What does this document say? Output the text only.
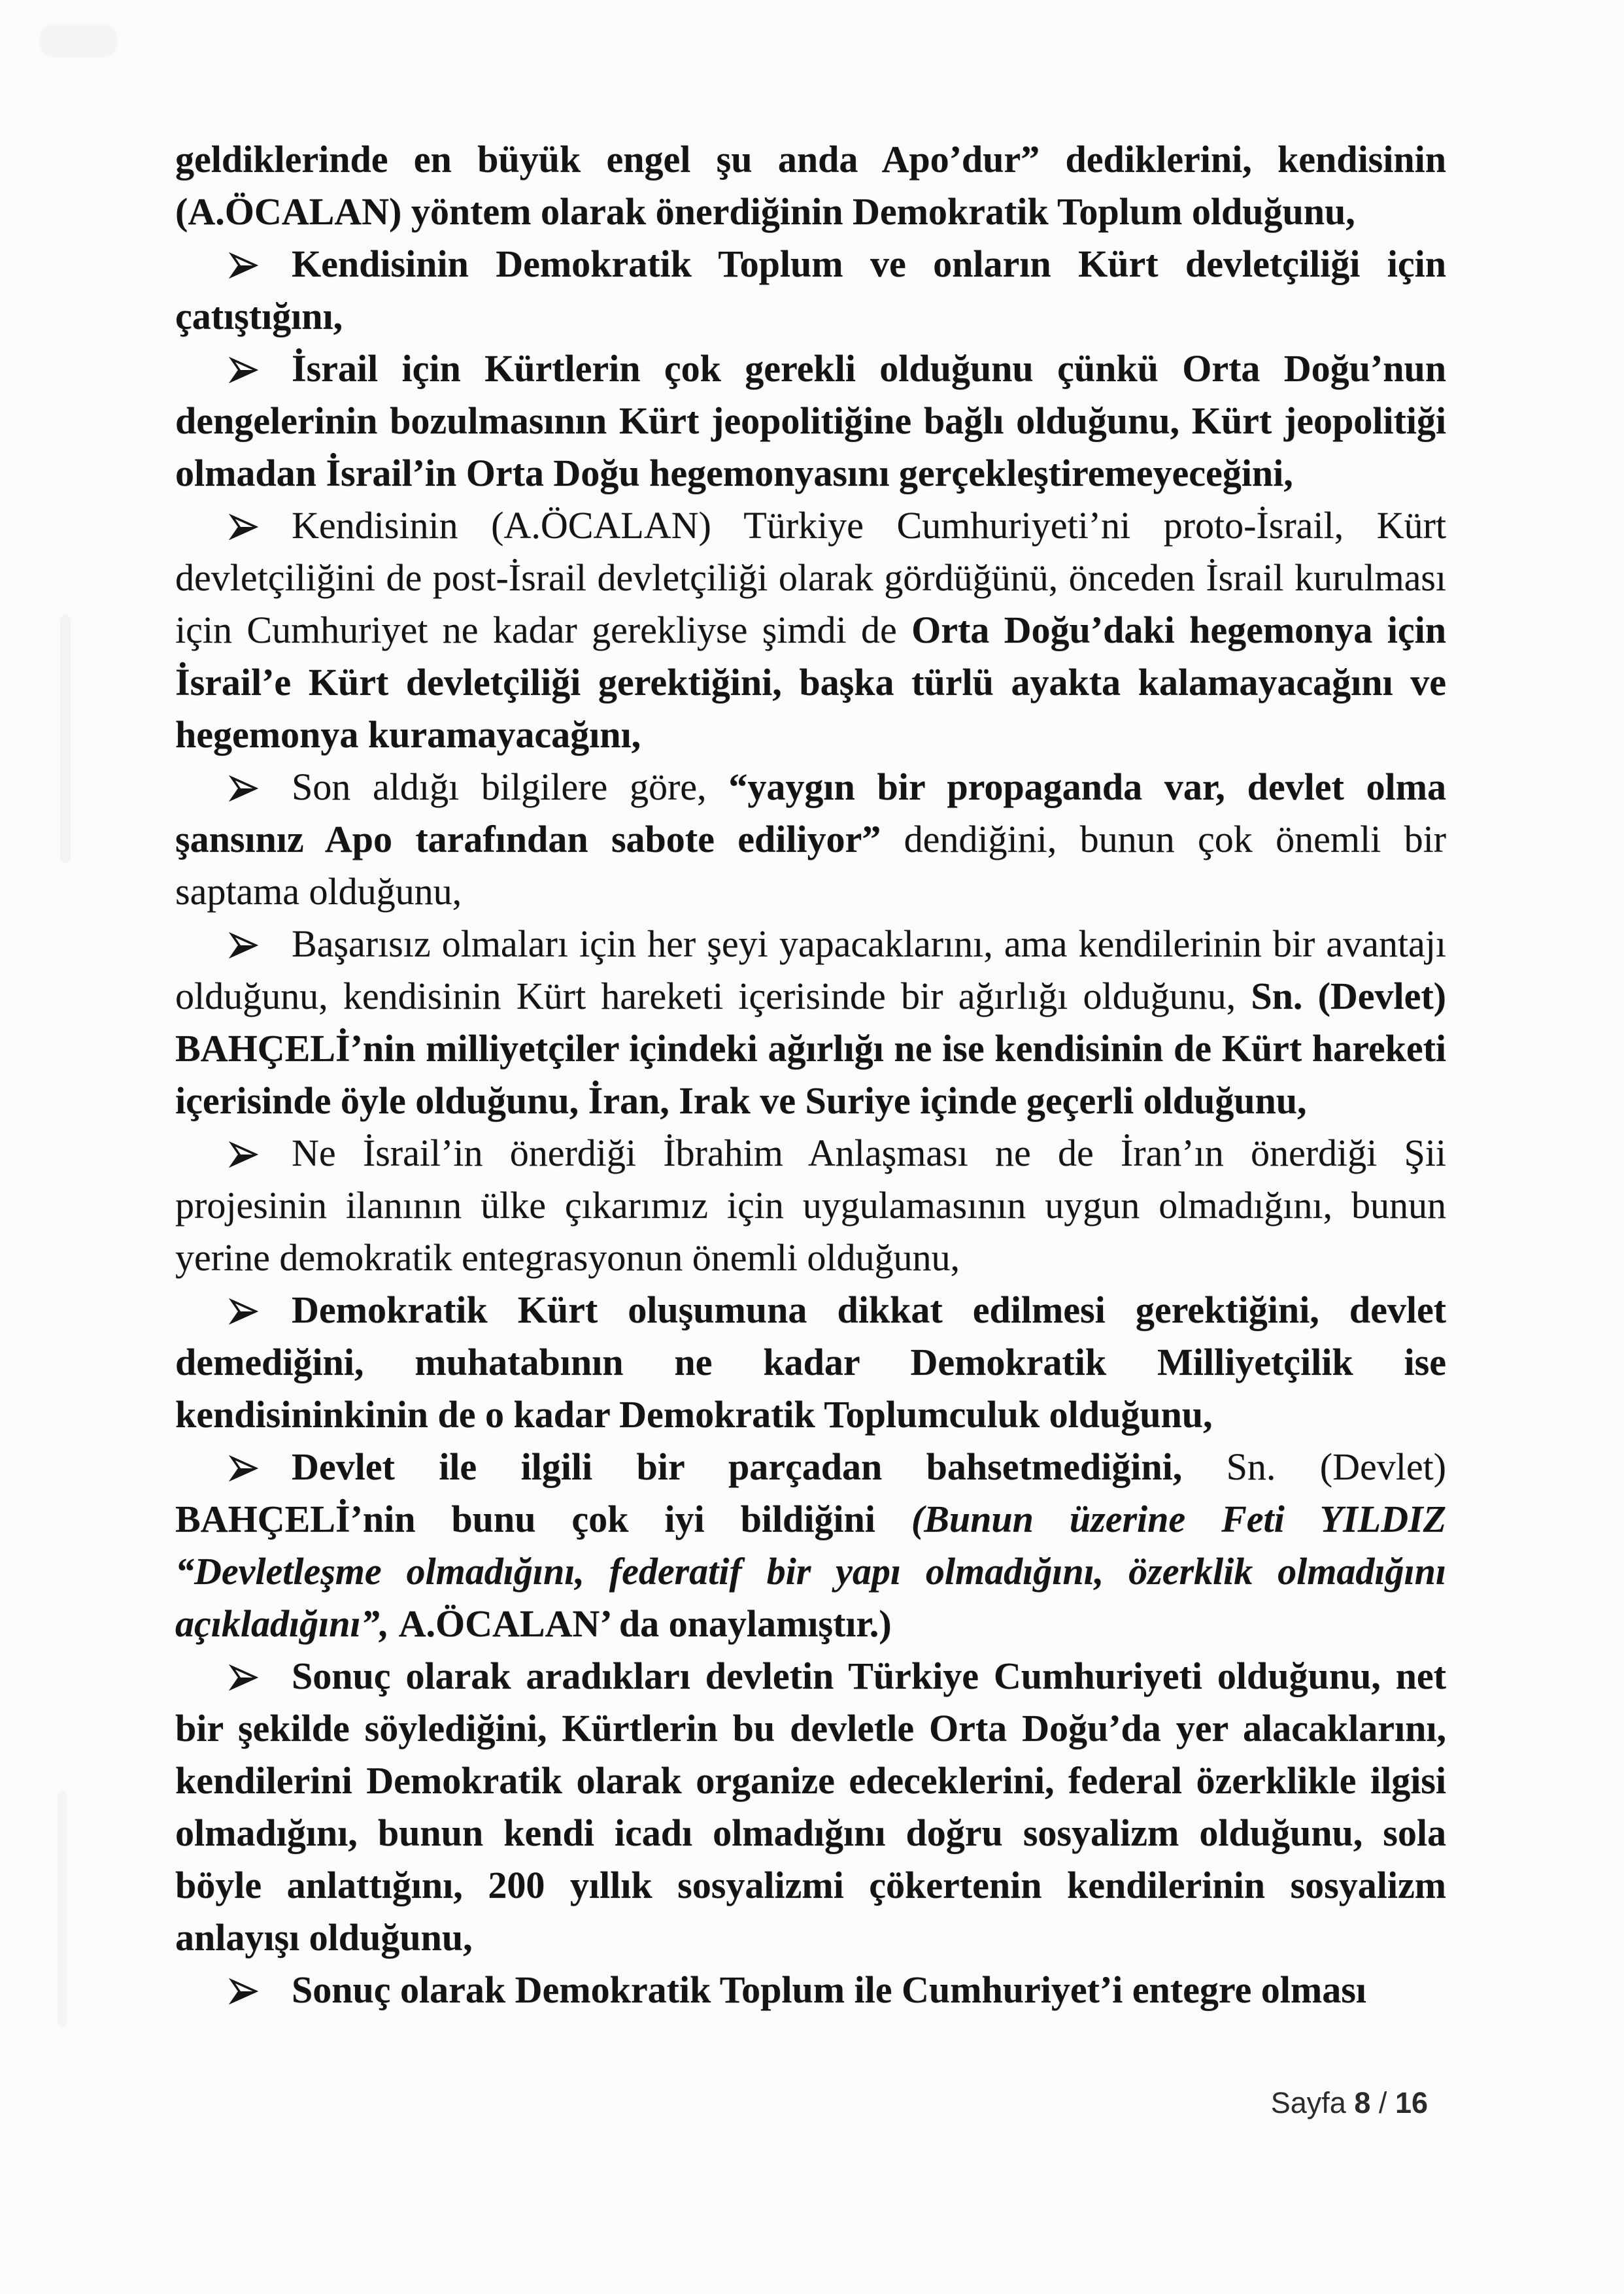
geldiklerinde en büyük engel şu anda Apo’dur” dediklerini, kendisinin (A.ÖCALAN) yöntem olarak önerdiğinin Demokratik Toplum olduğunu,

Kendisinin Demokratik Toplum ve onların Kürt devletçiliği için çatıştığını,

İsrail için Kürtlerin çok gerekli olduğunu çünkü Orta Doğu’nun dengelerinin bozulmasının Kürt jeopolitiğine bağlı olduğunu, Kürt jeopolitiği olmadan İsrail’in Orta Doğu hegemonyasını gerçekleştiremeyeceğini,

Kendisinin (A.ÖCALAN) Türkiye Cumhuriyeti’ni proto-İsrail, Kürt devletçiliğini de post-İsrail devletçiliği olarak gördüğünü, önceden İsrail kurulması için Cumhuriyet ne kadar gerekliyse şimdi de Orta Doğu’daki hegemonya için İsrail’e Kürt devletçiliği gerektiğini, başka türlü ayakta kalamayacağını ve hegemonya kuramayacağını,

Son aldığı bilgilere göre, “yaygın bir propaganda var, devlet olma şansınız Apo tarafından sabote ediliyor” dendiğini, bunun çok önemli bir saptama olduğunu,

Başarısız olmaları için her şeyi yapacaklarını, ama kendilerinin bir avantajı olduğunu, kendisinin Kürt hareketi içerisinde bir ağırlığı olduğunu, Sn. (Devlet) BAHÇELİ’nin milliyetçiler içindeki ağırlığı ne ise kendisinin de Kürt hareketi içerisinde öyle olduğunu, İran, Irak ve Suriye içinde geçerli olduğunu,

Ne İsrail’in önerdiği İbrahim Anlaşması ne de İran’ın önerdiği Şii projesinin ilanının ülke çıkarımız için uygulamasının uygun olmadığını, bunun yerine demokratik entegrasyonun önemli olduğunu,

Demokratik Kürt oluşumuna dikkat edilmesi gerektiğini, devlet demediğini, muhatabının ne kadar Demokratik Milliyetçilik ise kendisininkinin de o kadar Demokratik Toplumculuk olduğunu,

Devlet ile ilgili bir parçadan bahsetmediğini, Sn. (Devlet) BAHÇELİ’nin bunu çok iyi bildiğini (Bunun üzerine Feti YILDIZ “Devletleşme olmadığını, federatif bir yapı olmadığını, özerklik olmadığını açıkladığını”, A.ÖCALAN’ da onaylamıştır.)

Sonuç olarak aradıkları devletin Türkiye Cumhuriyeti olduğunu, net bir şekilde söylediğini, Kürtlerin bu devletle Orta Doğu’da yer alacaklarını, kendilerini Demokratik olarak organize edeceklerini, federal özerklikle ilgisi olmadığını, bunun kendi icadı olmadığını doğru sosyalizm olduğunu, sola böyle anlattığını, 200 yıllık sosyalizmi çökertenin kendilerinin sosyalizm anlayışı olduğunu,

Sonuç olarak Demokratik Toplum ile Cumhuriyet’i entegre olması

Sayfa 8 / 16
